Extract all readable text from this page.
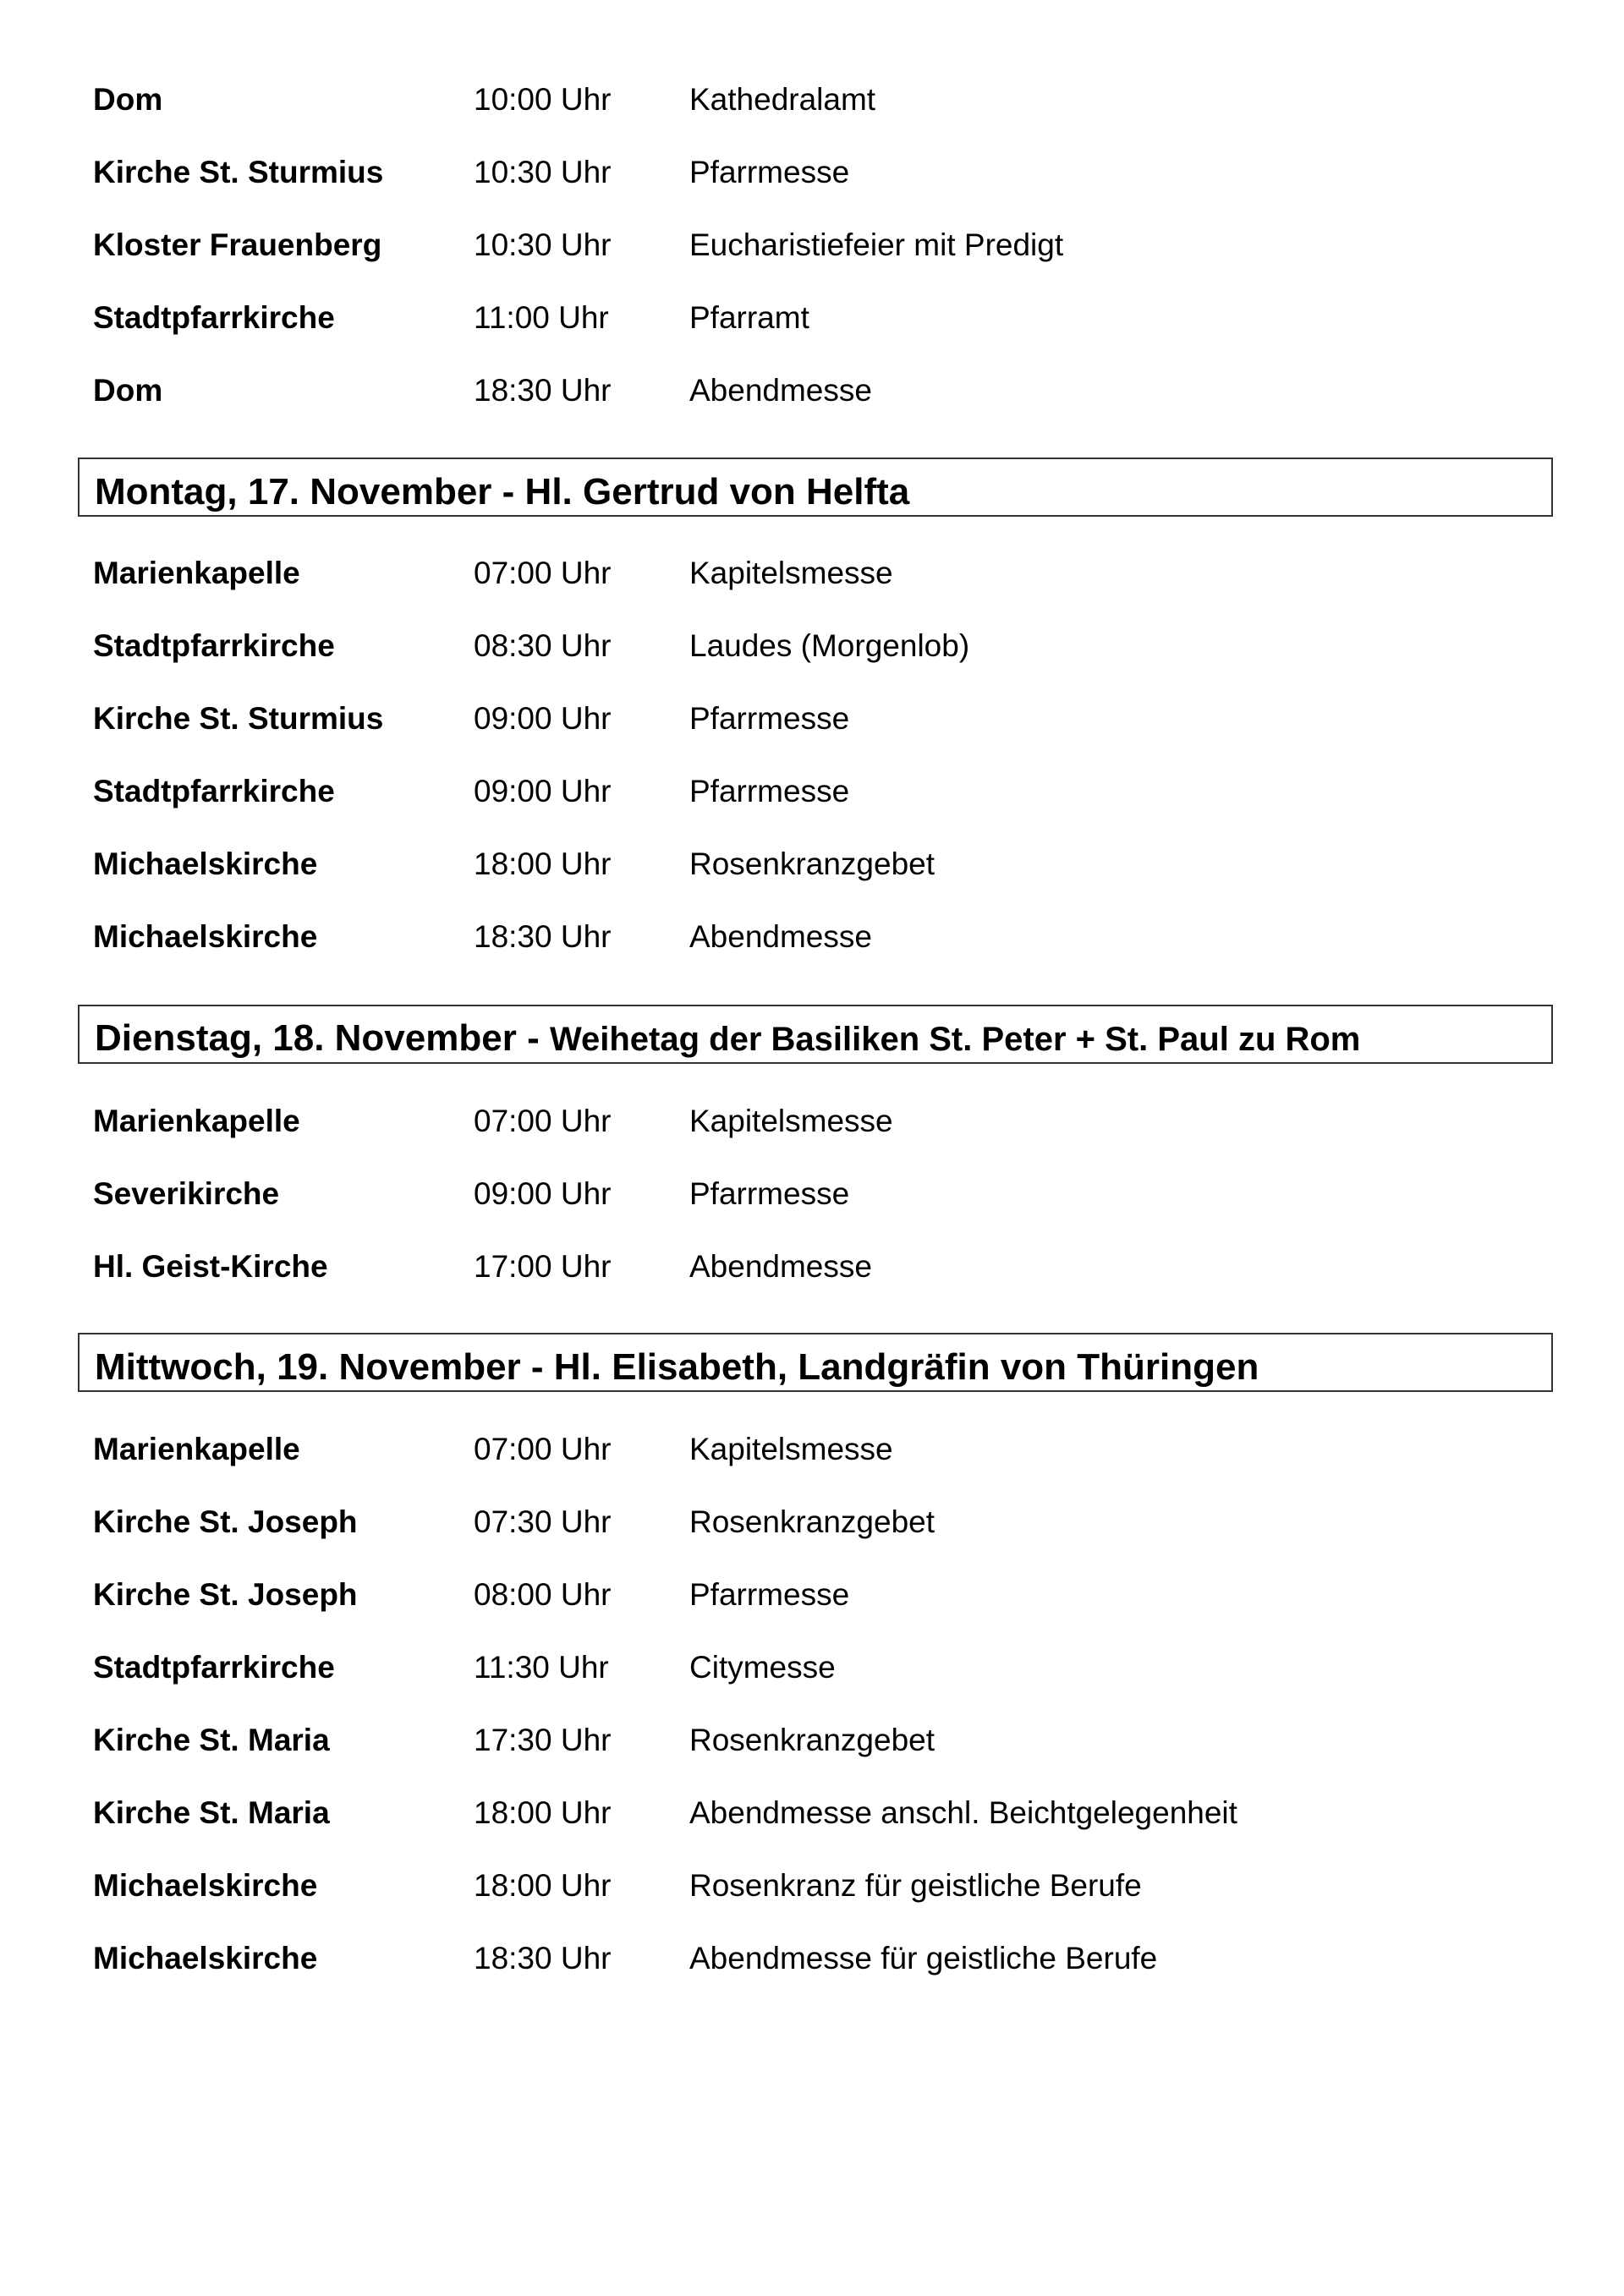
Dom	10:00 Uhr	Kathedralamt
Kirche St. Sturmius	10:30 Uhr	Pfarrmesse
Kloster Frauenberg	10:30 Uhr	Eucharistiefeier mit Predigt
Stadtpfarrkirche	11:00 Uhr	Pfarramt
Dom	18:30 Uhr	Abendmesse
Montag, 17. November - Hl. Gertrud von Helfta
Marienkapelle	07:00 Uhr	Kapitelsmesse
Stadtpfarrkirche	08:30 Uhr	Laudes (Morgenlob)
Kirche St. Sturmius	09:00 Uhr	Pfarrmesse
Stadtpfarrkirche	09:00 Uhr	Pfarrmesse
Michaelskirche	18:00 Uhr	Rosenkranzgebet
Michaelskirche	18:30 Uhr	Abendmesse
Dienstag, 18. November - Weihetag der Basiliken St. Peter + St. Paul zu Rom
Marienkapelle	07:00 Uhr	Kapitelsmesse
Severikirche	09:00 Uhr	Pfarrmesse
Hl. Geist-Kirche	17:00 Uhr	Abendmesse
Mittwoch, 19. November - Hl. Elisabeth, Landgräfin von Thüringen
Marienkapelle	07:00 Uhr	Kapitelsmesse
Kirche St. Joseph	07:30 Uhr	Rosenkranzgebet
Kirche St. Joseph	08:00 Uhr	Pfarrmesse
Stadtpfarrkirche	11:30 Uhr	Citymesse
Kirche St. Maria	17:30 Uhr	Rosenkranzgebet
Kirche St. Maria	18:00 Uhr	Abendmesse anschl. Beichtgelegenheit
Michaelskirche	18:00 Uhr	Rosenkranz für geistliche Berufe
Michaelskirche	18:30 Uhr	Abendmesse für geistliche Berufe
